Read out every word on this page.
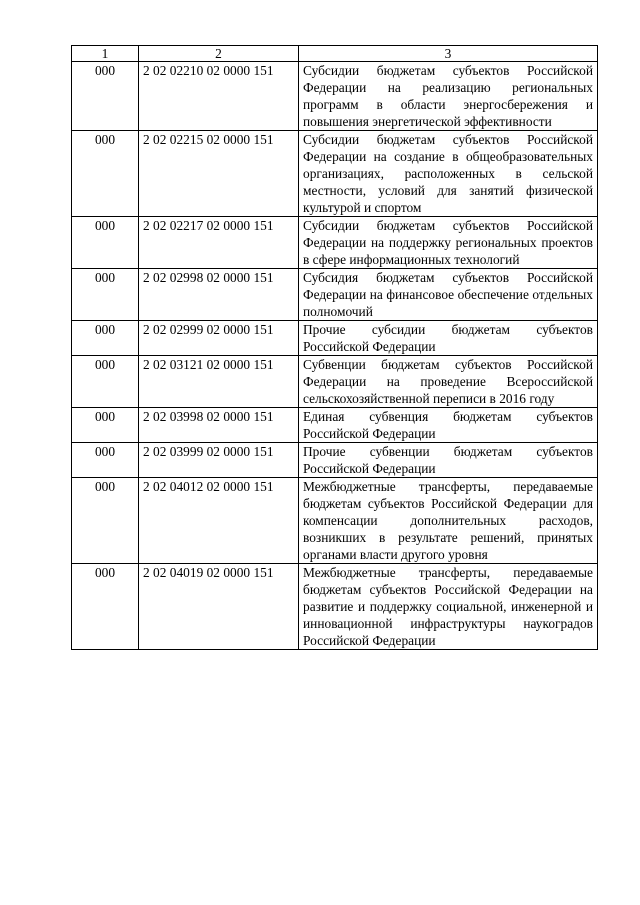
1	2	3
000	2 02 02210 02 0000 151	Субсидии бюджетам субъектов Российской Федерации на реализацию региональных программ в области энергосбережения и повышения энергетической эффективности
000	2 02 02215 02 0000 151	Субсидии бюджетам субъектов Российской Федерации на создание в общеобразовательных организациях, расположенных в сельской местности, условий для занятий физической культурой и спортом
000	2 02 02217 02 0000 151	Субсидии бюджетам субъектов Российской Федерации на поддержку региональных проектов в сфере информационных технологий
000	2 02 02998 02 0000 151	Субсидия бюджетам субъектов Российской Федерации на финансовое обеспечение отдельных полномочий
000	2 02 02999 02 0000 151	Прочие субсидии бюджетам субъектов Российской Федерации
000	2 02 03121 02 0000 151	Субвенции бюджетам субъектов Российской Федерации на проведение Всероссийской сельскохозяйственной переписи в 2016 году
000	2 02 03998 02 0000 151	Единая субвенция бюджетам субъектов Российской Федерации
000	2 02 03999 02 0000 151	Прочие субвенции бюджетам субъектов Российской Федерации
000	2 02 04012 02 0000 151	Межбюджетные трансферты, передаваемые бюджетам субъектов Российской Федерации для компенсации дополнительных расходов, возникших в результате решений, принятых органами власти другого уровня
000	2 02 04019 02 0000 151	Межбюджетные трансферты, передаваемые бюджетам субъектов Российской Федерации на развитие и поддержку социальной, инженерной и инновационной инфраструктуры наукоградов Российской Федерации
